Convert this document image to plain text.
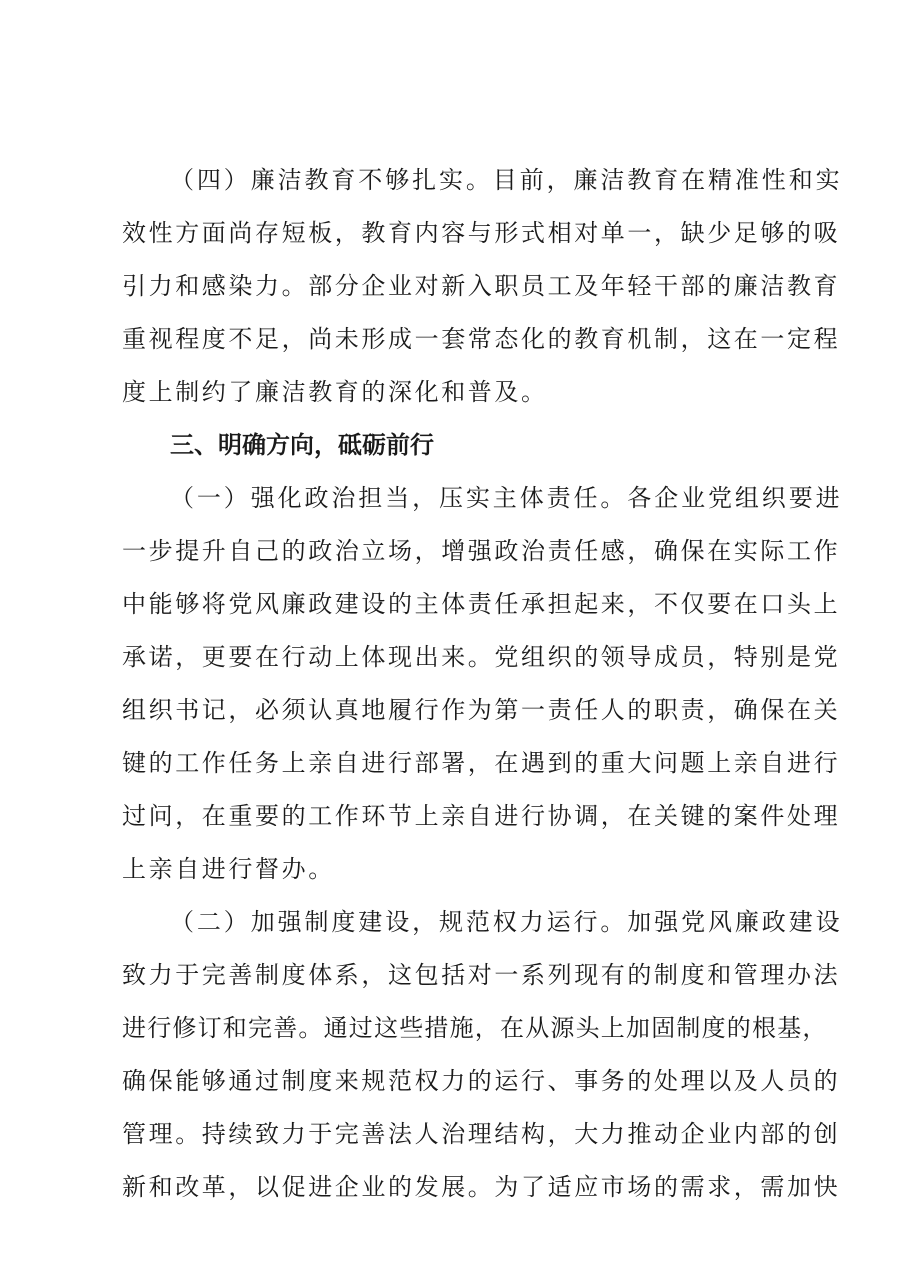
（四）廉洁教育不够扎实。目前，廉洁教育在精准性和实

效性方面尚存短板，教育内容与形式相对单一，缺少足够的吸

引力和感染力。部分企业对新入职员工及年轻干部的廉洁教育

重视程度不足，尚未形成一套常态化的教育机制，这在一定程

度上制约了廉洁教育的深化和普及。

三、明确方向，砥砺前行

（一）强化政治担当，压实主体责任。各企业党组织要进

一步提升自己的政治立场，增强政治责任感，确保在实际工作

中能够将党风廉政建设的主体责任承担起来，不仅要在口头上

承诺，更要在行动上体现出来。党组织的领导成员，特别是党

组织书记，必须认真地履行作为第一责任人的职责，确保在关

键的工作任务上亲自进行部署，在遇到的重大问题上亲自进行

过问，在重要的工作环节上亲自进行协调，在关键的案件处理

上亲自进行督办。

（二）加强制度建设，规范权力运行。加强党风廉政建设

致力于完善制度体系，这包括对一系列现有的制度和管理办法

进行修订和完善。通过这些措施，在从源头上加固制度的根基，

确保能够通过制度来规范权力的运行、事务的处理以及人员的

管理。持续致力于完善法人治理结构，大力推动企业内部的创

新和改革，以促进企业的发展。为了适应市场的需求，需加快
